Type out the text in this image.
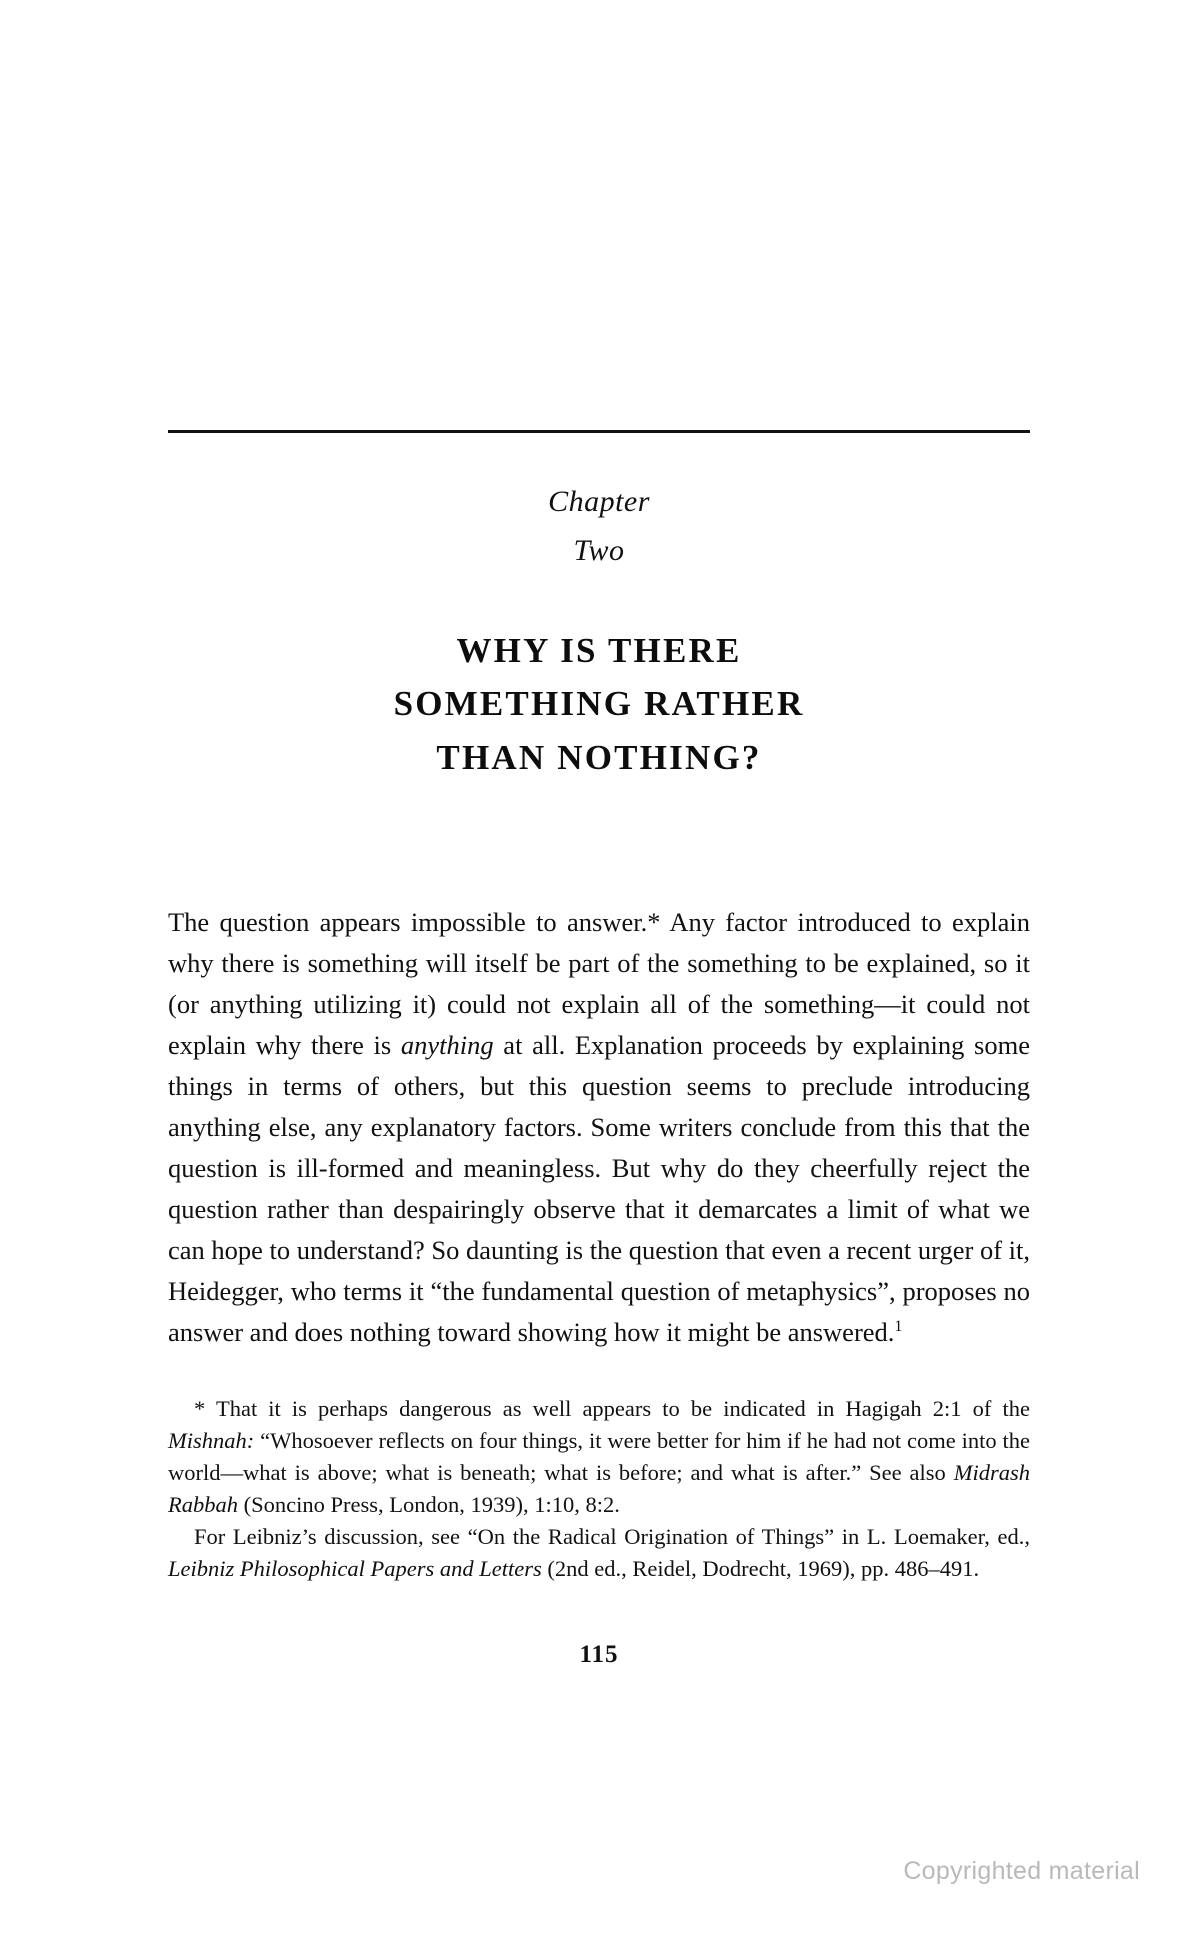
Chapter
Two
WHY IS THERE
SOMETHING RATHER
THAN NOTHING?
The question appears impossible to answer.* Any factor introduced to explain why there is something will itself be part of the something to be explained, so it (or anything utilizing it) could not explain all of the something—it could not explain why there is anything at all. Explanation proceeds by explaining some things in terms of others, but this question seems to preclude introducing anything else, any explanatory factors. Some writers conclude from this that the question is ill-formed and meaningless. But why do they cheerfully reject the question rather than despairingly observe that it demarcates a limit of what we can hope to understand? So daunting is the question that even a recent urger of it, Heidegger, who terms it “the fundamental question of metaphysics”, proposes no answer and does nothing toward showing how it might be answered.$^1$

* That it is perhaps dangerous as well appears to be indicated in Hagigah 2:1 of the Mishnah: “Whosoever reflects on four things, it were better for him if he had not come into the world—what is above; what is beneath; what is before; and what is after.” See also Midrash Rabbah (Soncino Press, London, 1939), 1:10, 8:2.

For Leibniz’s discussion, see “On the Radical Origination of Things” in L. Loemaker, ed., Leibniz Philosophical Papers and Letters (2nd ed., Reidel, Dodrecht, 1969), pp. 486–491.

115
Copyrighted material
